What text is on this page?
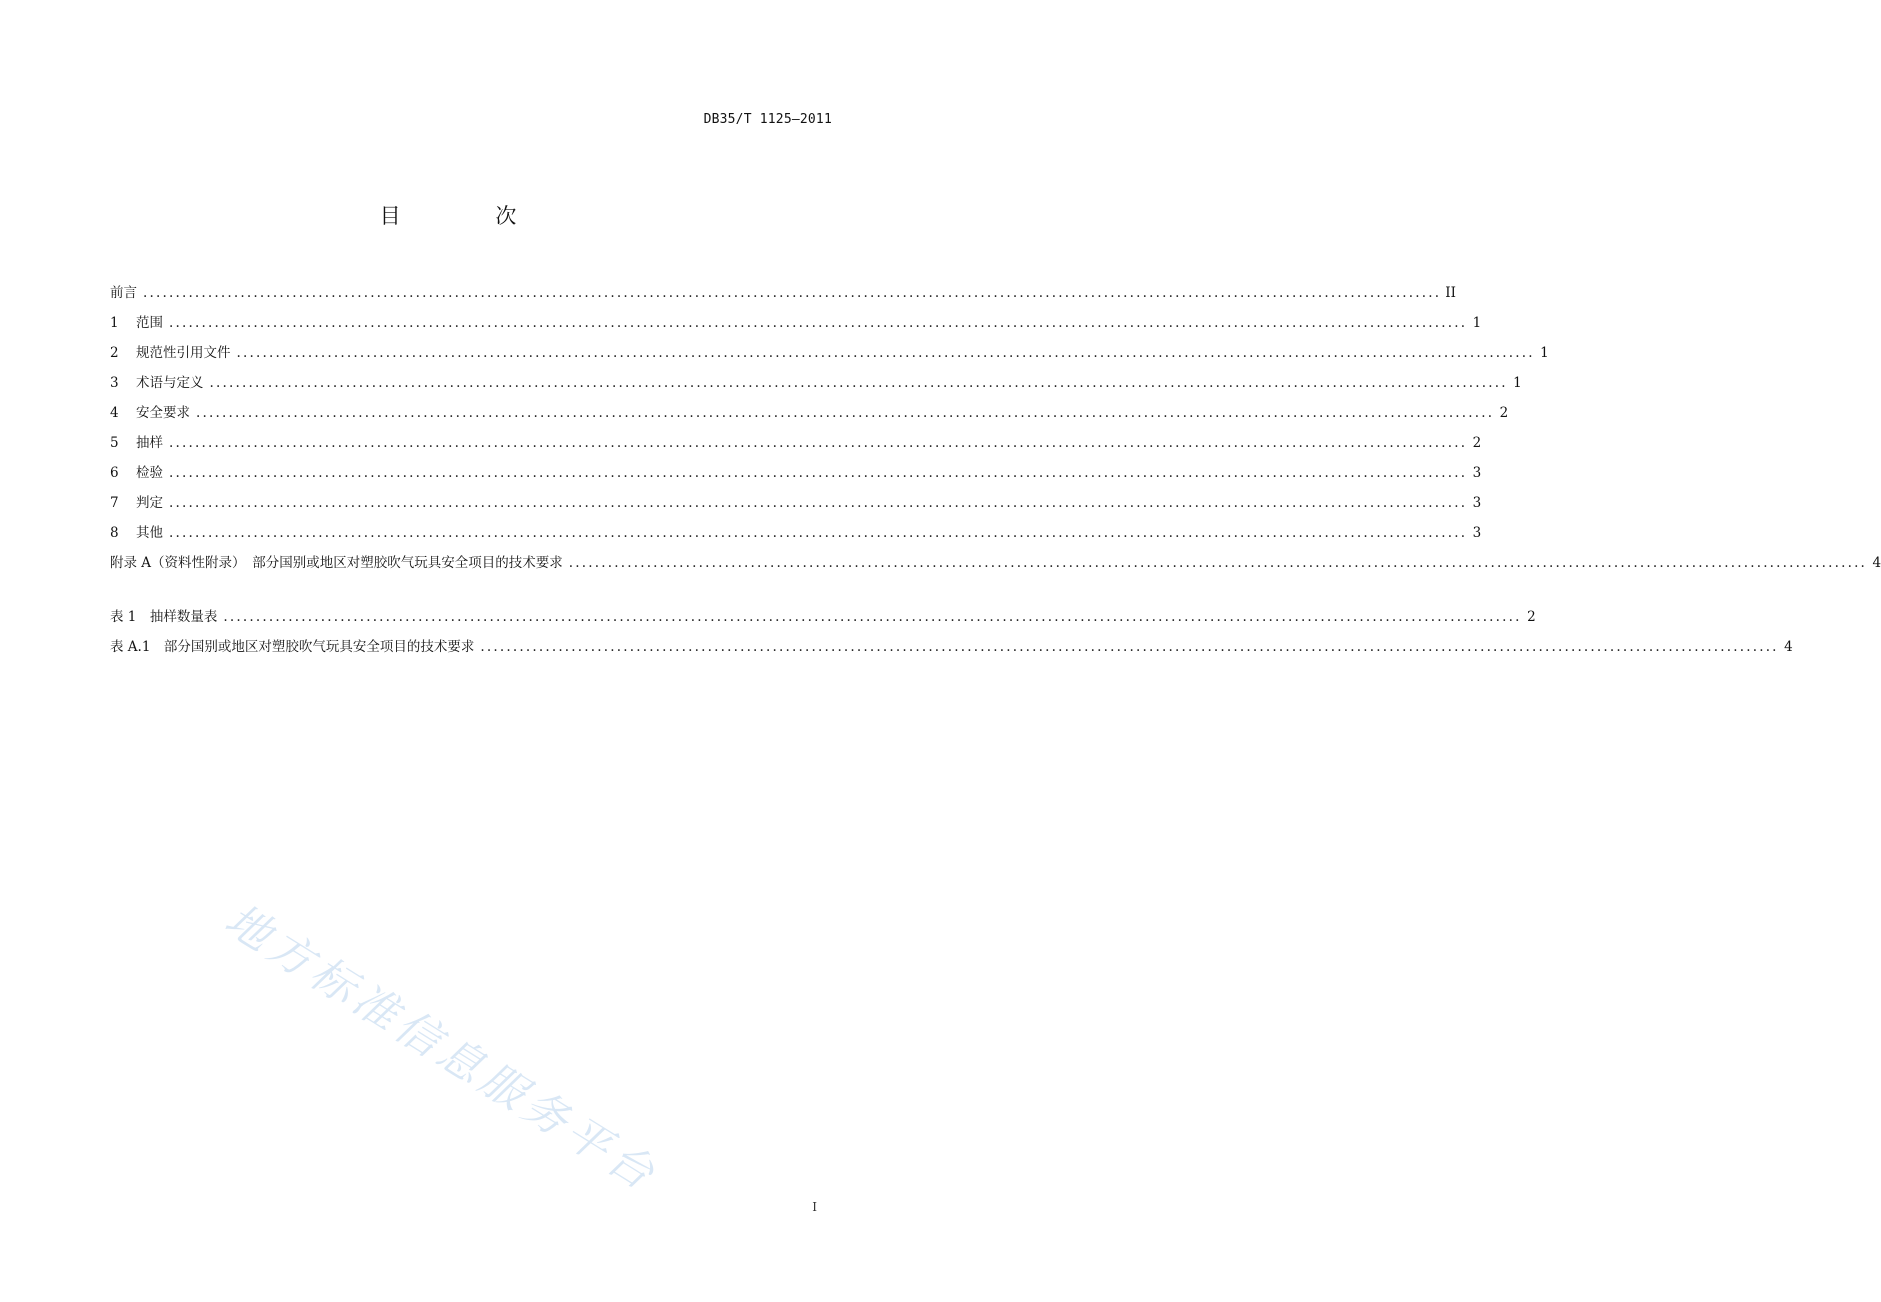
DB35/T 1125—2011
目 次
前言 ........................................................................................................................................................................................................ II
1	范围 ........................................................................................................................................................................................................ 1
2	规范性引用文件 ........................................................................................................................................................................................................ 1
3	术语与定义 ........................................................................................................................................................................................................ 1
4	安全要求 ........................................................................................................................................................................................................ 2
5	抽样 ........................................................................................................................................................................................................ 2
6	检验 ........................................................................................................................................................................................................ 3
7	判定 ........................................................................................................................................................................................................ 3
8	其他 ........................................................................................................................................................................................................ 3
附录 A（资料性附录）　部分国别或地区对塑胶吹气玩具安全项目的技术要求 ........................................................................................................................................................................................................ 4
表 1　抽样数量表 ........................................................................................................................................................................................................ 2
表 A.1　部分国别或地区对塑胶吹气玩具安全项目的技术要求 ........................................................................................................................................................................................................ 4
地方标准信息服务平台
I
